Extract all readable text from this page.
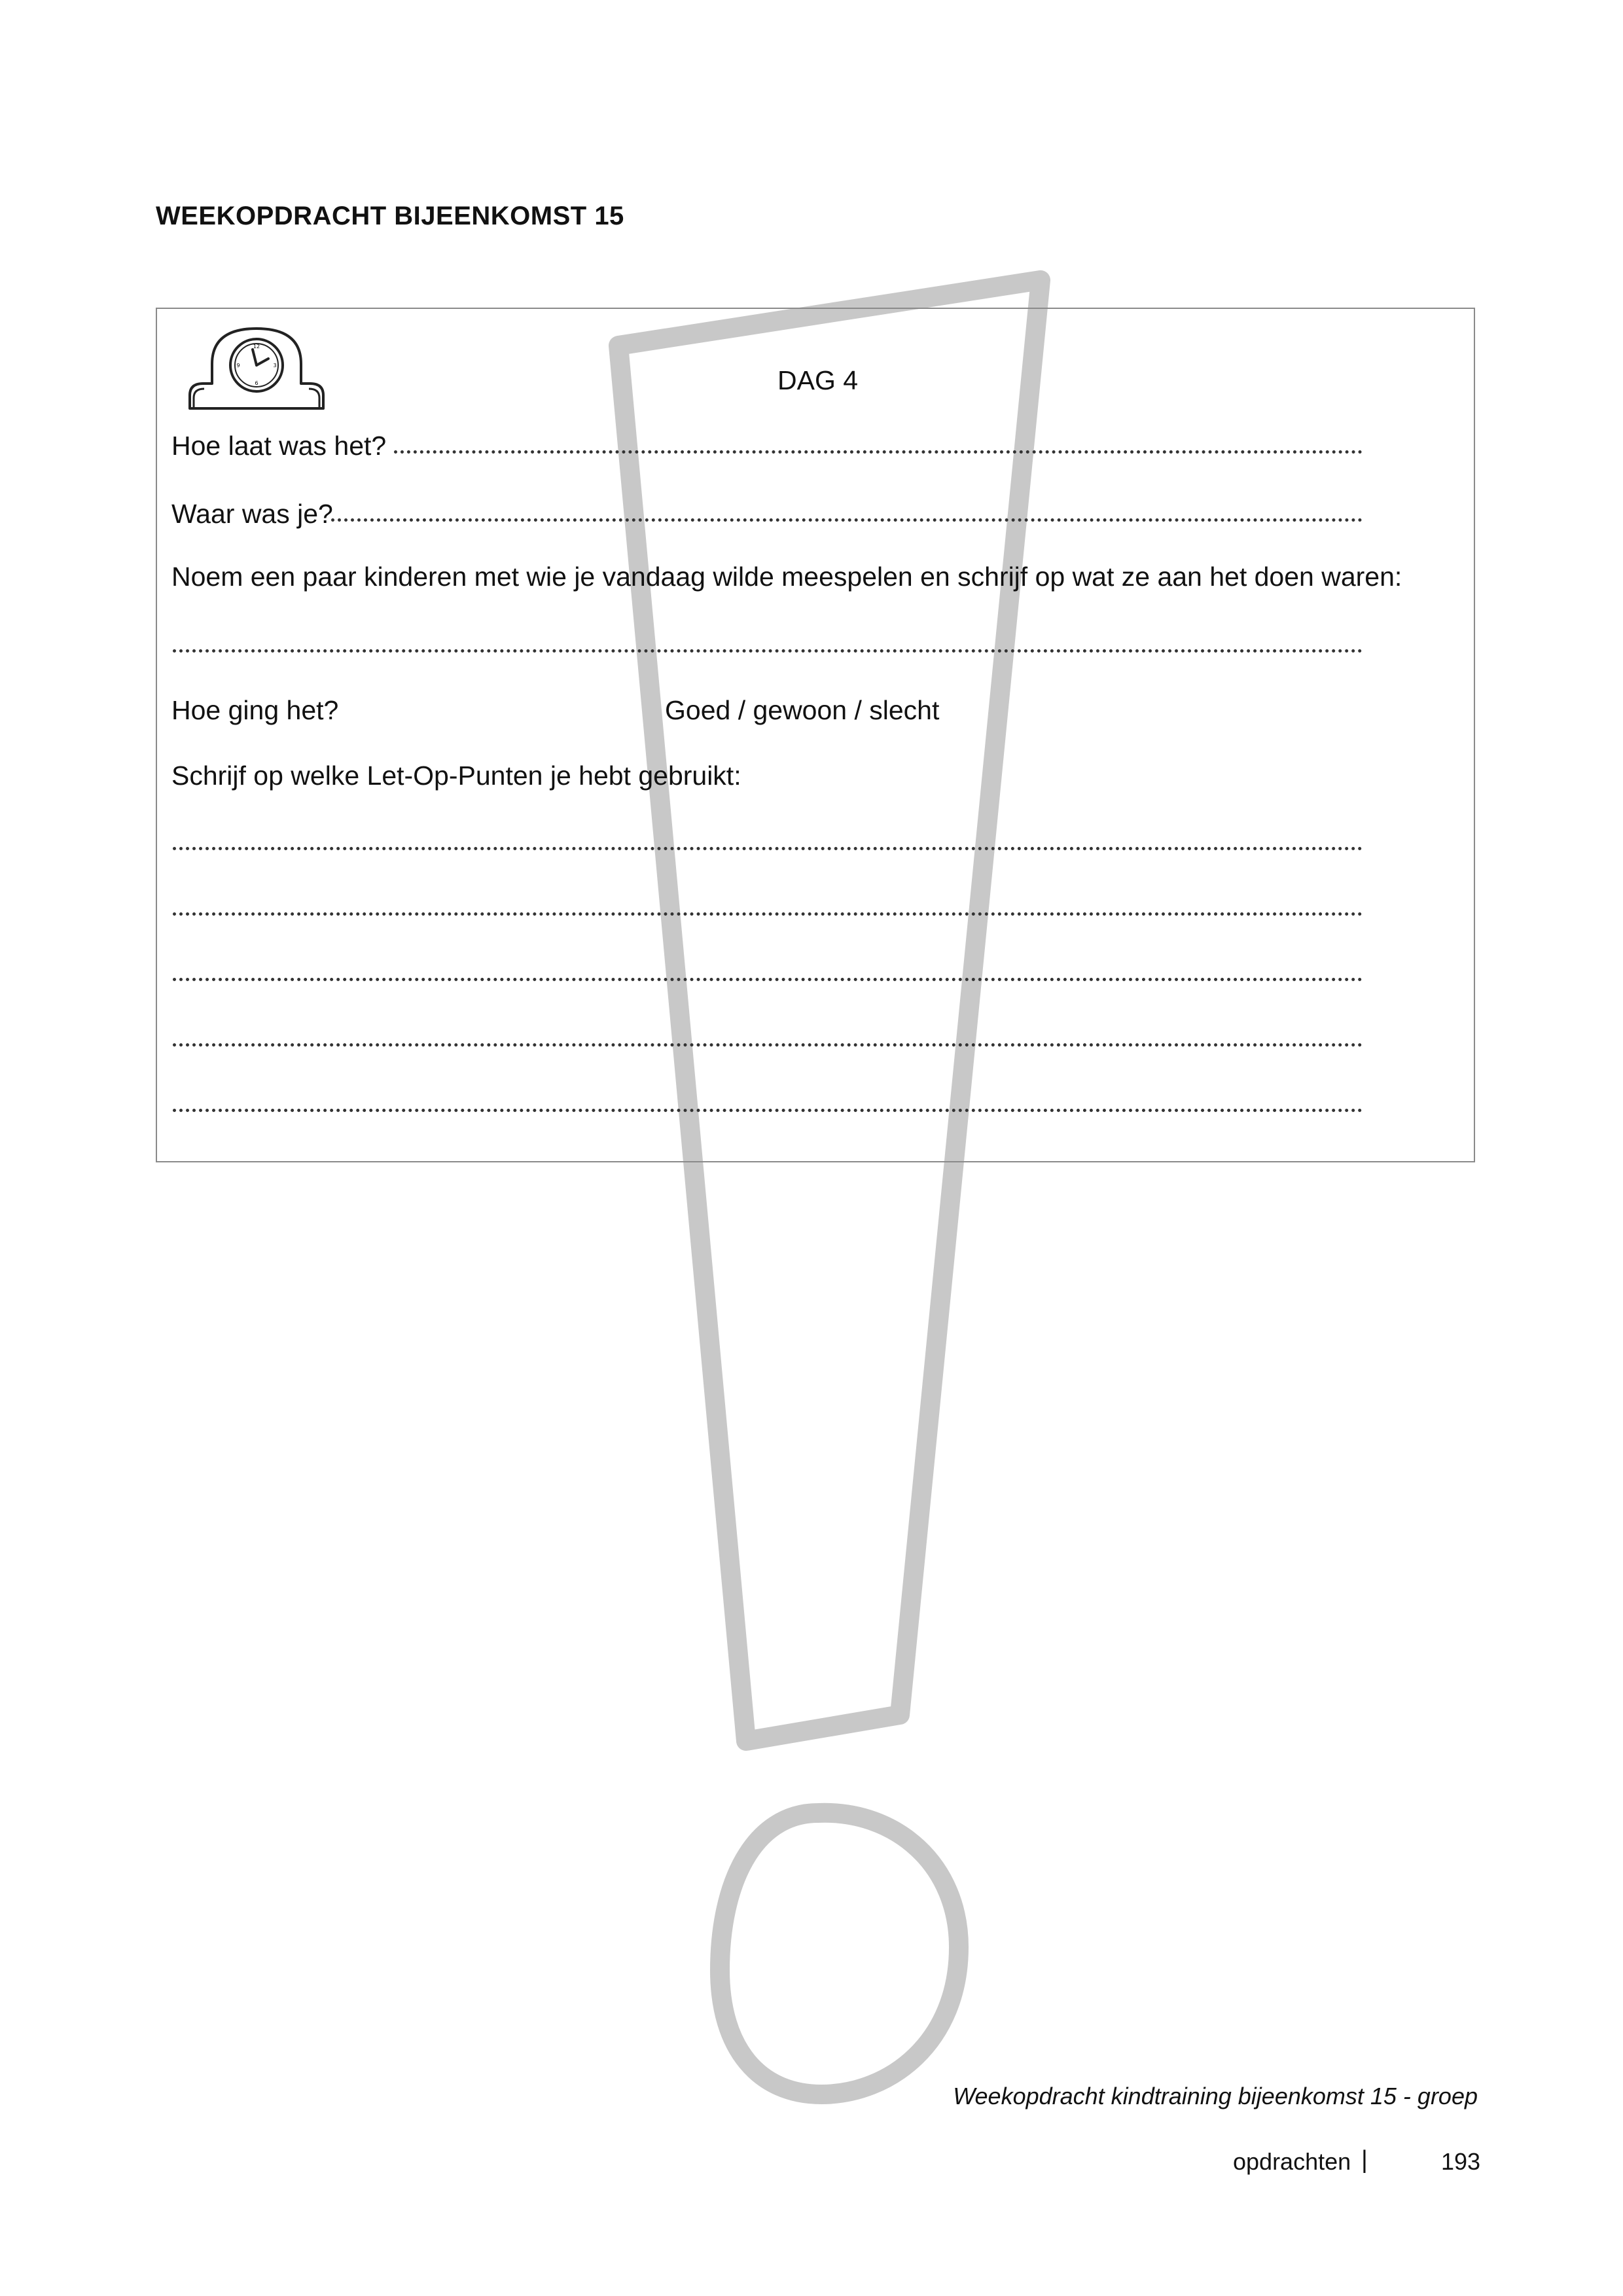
WEEKOPDRACHT BIJEENKOMST 15
12
3
6
9	DAG 4
Hoe laat was het?
Waar was je?
Noem een paar kinderen met wie je vandaag wilde meespelen en schrijf op wat ze aan het doen waren:
Hoe ging het?	Goed / gewoon / slecht
Schrijf op welke Let-Op-Punten je hebt gebruikt:
Weekopdracht kindtraining bijeenkomst 15 - groep
opdrachten |	193
